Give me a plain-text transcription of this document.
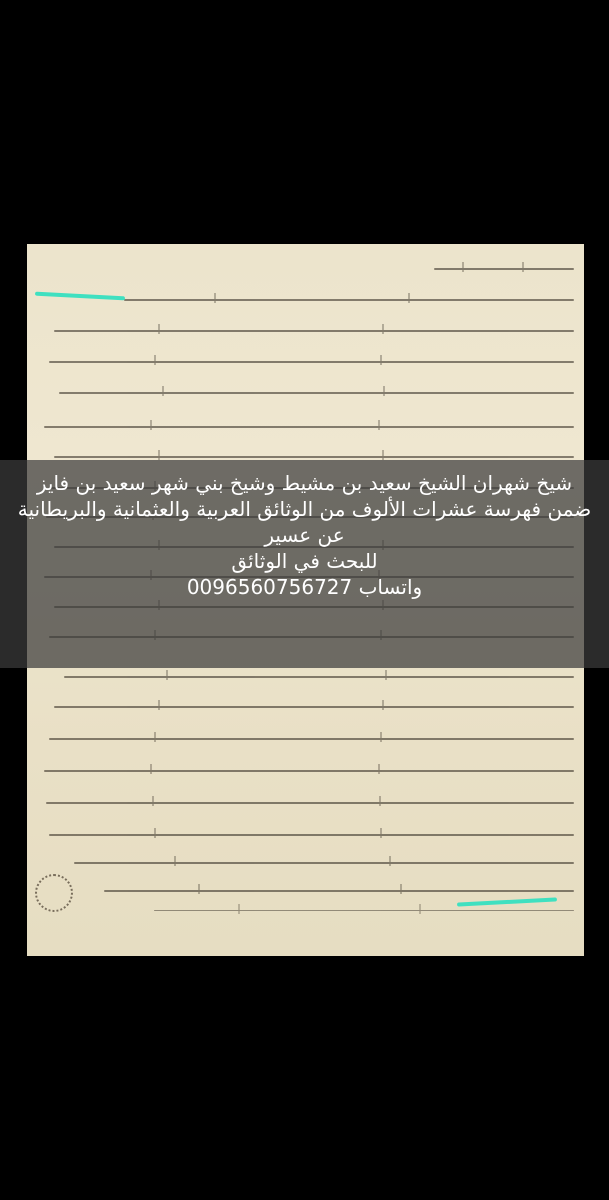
شيخ شهران الشيخ سعيد بن مشيط وشيخ بني شهر سعيد بن فايز
ضمن فهرسة عشرات الألوف من الوثائق العربية والعثمانية والبريطانية عن عسير
للبحث في الوثائق
واتساب 0096560756727
